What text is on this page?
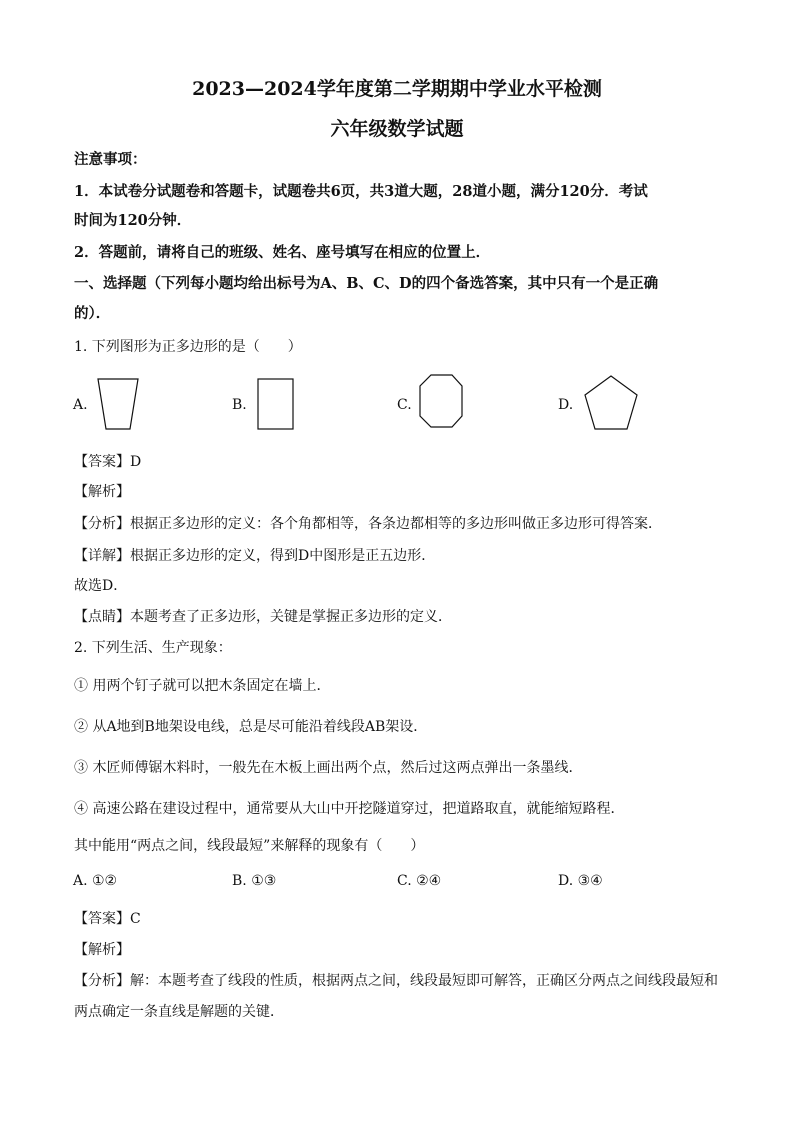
2023—2024学年度第二学期期中学业水平检测
六年级数学试题
注意事项：
1．本试卷分试题卷和答题卡，试题卷共6页，共3道大题，28道小题，满分120分．考试
时间为120分钟．
2．答题前，请将自己的班级、姓名、座号填写在相应的位置上．
一、选择题（下列每小题均给出标号为A、B、C、D的四个备选答案，其中只有一个是正确
的）．
1. 下列图形为正多边形的是（　　）
A.	B.	C.	D.
【答案】D
【解析】
【分析】根据正多边形的定义：各个角都相等，各条边都相等的多边形叫做正多边形可得答案．
【详解】根据正多边形的定义，得到D中图形是正五边形．
故选D．
【点睛】本题考查了正多边形，关键是掌握正多边形的定义．
2. 下列生活、生产现象：
① 用两个钉子就可以把木条固定在墙上．
② 从A地到B地架设电线，总是尽可能沿着线段AB架设．
③ 木匠师傅锯木料时，一般先在木板上画出两个点，然后过这两点弹出一条墨线．
④ 高速公路在建设过程中，通常要从大山中开挖隧道穿过，把道路取直，就能缩短路程．
其中能用“两点之间，线段最短”来解释的现象有（　　）
A. ①②	B. ①③	C. ②④	D. ③④
【答案】C
【解析】
【分析】解：本题考查了线段的性质，根据两点之间，线段最短即可解答，正确区分两点之间线段最短和
两点确定一条直线是解题的关键．
